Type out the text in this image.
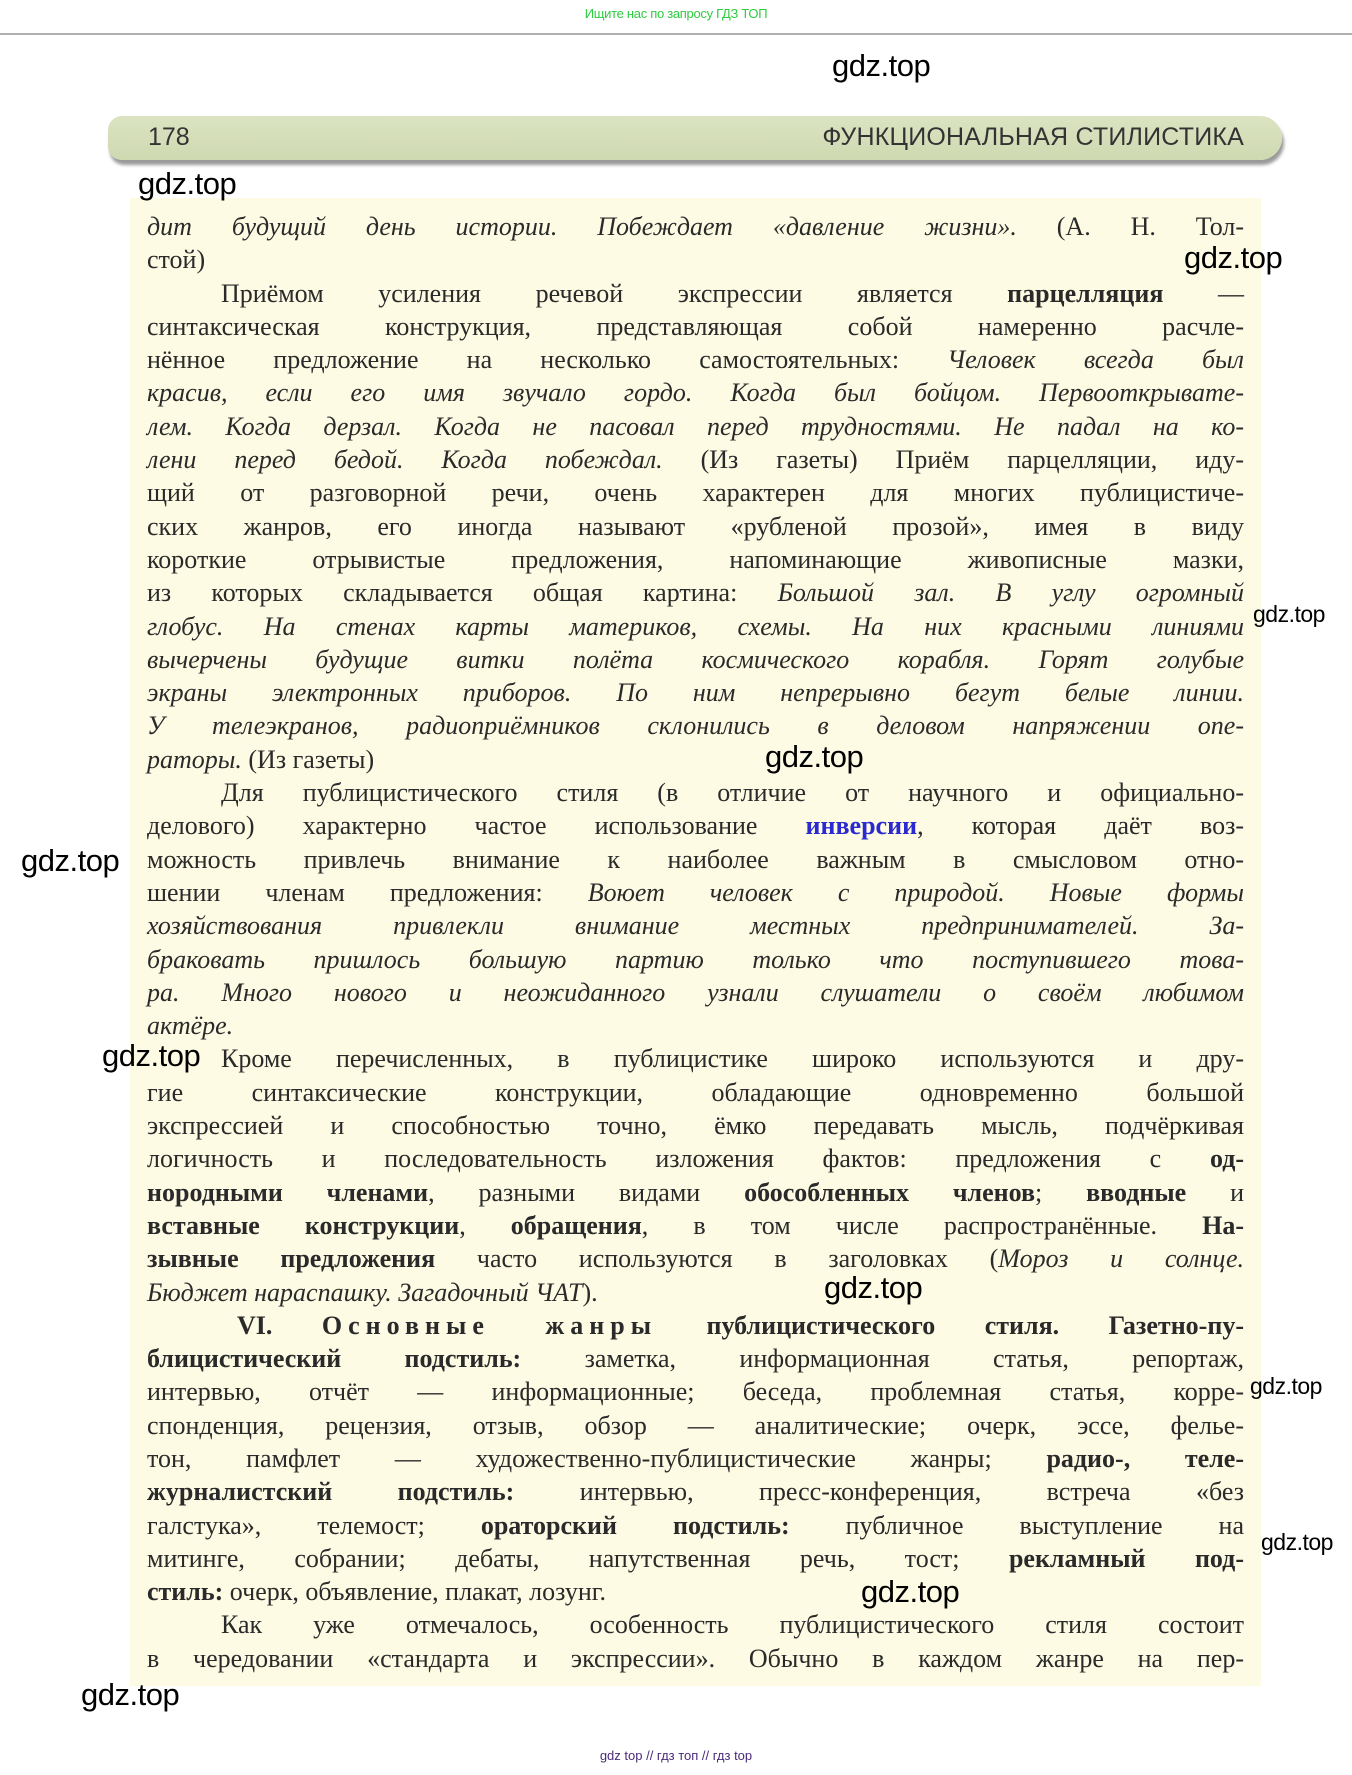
Ищите нас по запросу ГДЗ ТОП
178	ФУНКЦИОНАЛЬНАЯ СТИЛИСТИКА
дит будущий день истории. Побеждает «давление жизни». (А. Н. Тол-
стой)
Приёмом усиления речевой экспрессии является парцелляция —
синтаксическая конструкция, представляющая собой намеренно расчле-
нённое предложение на несколько самостоятельных: Человек всегда был
красив, если его имя звучало гордо. Когда был бойцом. Первооткрывате-
лем. Когда дерзал. Когда не пасовал перед трудностями. Не падал на ко-
лени перед бедой. Когда побеждал. (Из газеты) Приём парцелляции, иду-
щий от разговорной речи, очень характерен для многих публицистиче-
ских жанров, его иногда называют «рубленой прозой», имея в виду
короткие отрывистые предложения, напоминающие живописные мазки,
из которых складывается общая картина: Большой зал. В углу огромный
глобус. На стенах карты материков, схемы. На них красными линиями
вычерчены будущие витки полёта космического корабля. Горят голубые
экраны электронных приборов. По ним непрерывно бегут белые линии.
У телеэкранов, радиоприёмников склонились в деловом напряжении опе-
раторы. (Из газеты)
Для публицистического стиля (в отличие от научного и официально-
делового) характерно частое использование инверсии, которая даёт воз-
можность привлечь внимание к наиболее важным в смысловом отно-
шении членам предложения: Воюет человек с природой. Новые формы
хозяйствования привлекли внимание местных предпринимателей. За-
браковать пришлось большую партию только что поступившего това-
ра. Много нового и неожиданного узнали слушатели о своём любимом
актёре.
Кроме перечисленных, в публицистике широко используются и дру-
гие синтаксические конструкции, обладающие одновременно большой
экспрессией и способностью точно, ёмко передавать мысль, подчёркивая
логичность и последовательность изложения фактов: предложения с од-
нородными членами, разными видами обособленных членов; вводные и
вставные конструкции, обращения, в том числе распространённые. На-
зывные предложения часто используются в заголовках (Мороз и солнце.
Бюджет нараспашку. Загадочный ЧАТ).
VI. Основные жанры публицистического стиля. Газетно-пу-
блицистический подстиль: заметка, информационная статья, репортаж,
интервью, отчёт — информационные; беседа, проблемная статья, корре-
спонденция, рецензия, отзыв, обзор — аналитические; очерк, эссе, фелье-
тон, памфлет — художественно-публицистические жанры; радио-, теле-
журналистский подстиль: интервью, пресс-конференция, встреча «без
галстука», телемост; ораторский подстиль: публичное выступление на
митинге, собрании; дебаты, напутственная речь, тост; рекламный под-
стиль: очерк, объявление, плакат, лозунг.
Как уже отмечалось, особенность публицистического стиля состоит
в чередовании «стандарта и экспрессии». Обычно в каждом жанре на пер-
gdz.top
gdz.top
gdz.top
gdz.top
gdz.top
gdz.top
gdz.top
gdz.top
gdz.top
gdz.top
gdz.top
gdz.top
gdz top // гдз топ // гдз top
